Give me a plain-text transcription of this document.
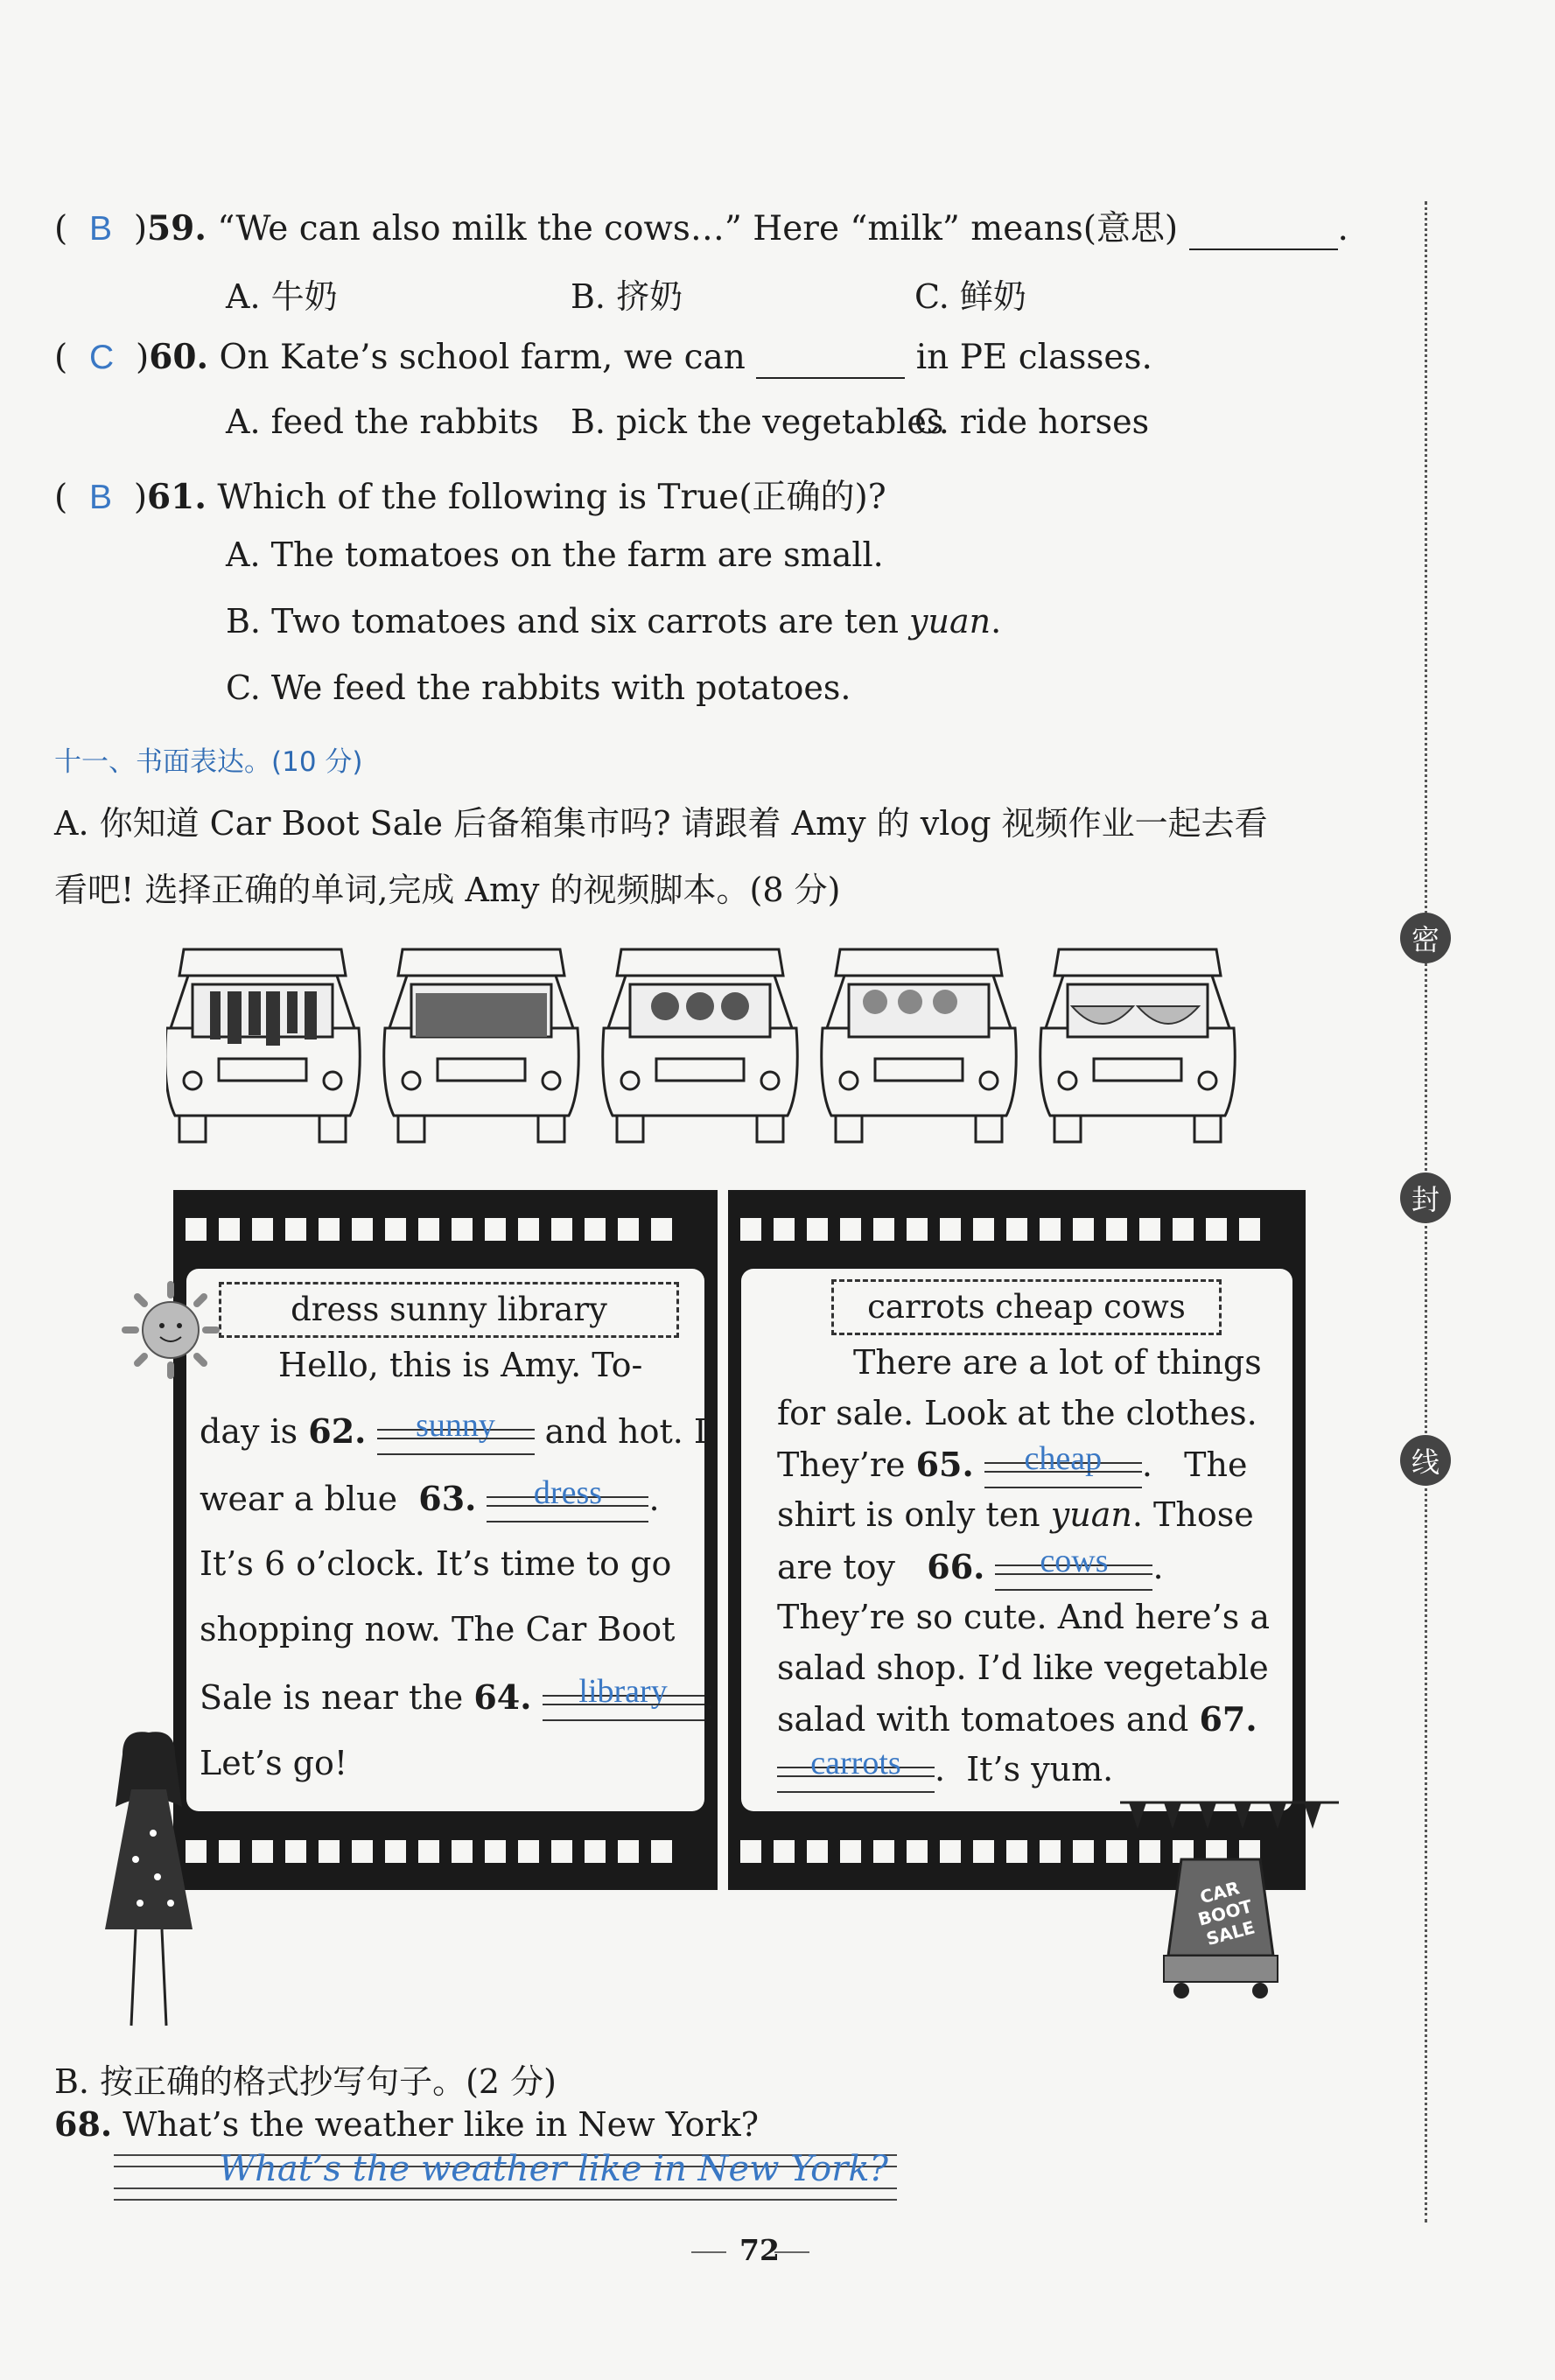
(  B  )59. “We can also milk the cows…” Here “milk” means(意思)	.
A. 牛奶	B. 挤奶	C. 鲜奶
(  C  )60. On Kate’s school farm, we can	in PE classes.
A. feed the rabbits B. pick the vegetables
C. ride horses
(  B  )61. Which of the following is True(正确的)?
A. The tomatoes on the farm are small.
B. Two tomatoes and six carrots are ten yuan.
C. We feed the rabbits with potatoes.
十一、书面表达。(10 分)
A. 你知道 Car Boot Sale 后备箱集市吗? 请跟着 Amy 的 vlog 视频作业一起去看
看吧! 选择正确的单词,完成 Amy 的视频脚本。(8 分)
dress sunny library
Hello, this is Amy. To-
day is 62. sunny and hot. I
wear a blue 63. dress .
It’s 6 o’clock. It’s time to go
shopping now. The Car Boot
Sale is near the 64. library .
Let’s go!
carrots cheap cows
There are a lot of things
for sale. Look at the clothes.
They’re 65. cheap .   The
shirt is only ten yuan. Those
are toy 66. cows .
They’re so cute. And here’s a
salad shop. I’d like vegetable
salad with tomatoes and 67.
carrots .  It’s yum.
CAR BOOT SALE
B. 按正确的格式抄写句子。(2 分)
68. What’s the weather like in New York?
What’s the weather like in New York?
密
封
线
72
